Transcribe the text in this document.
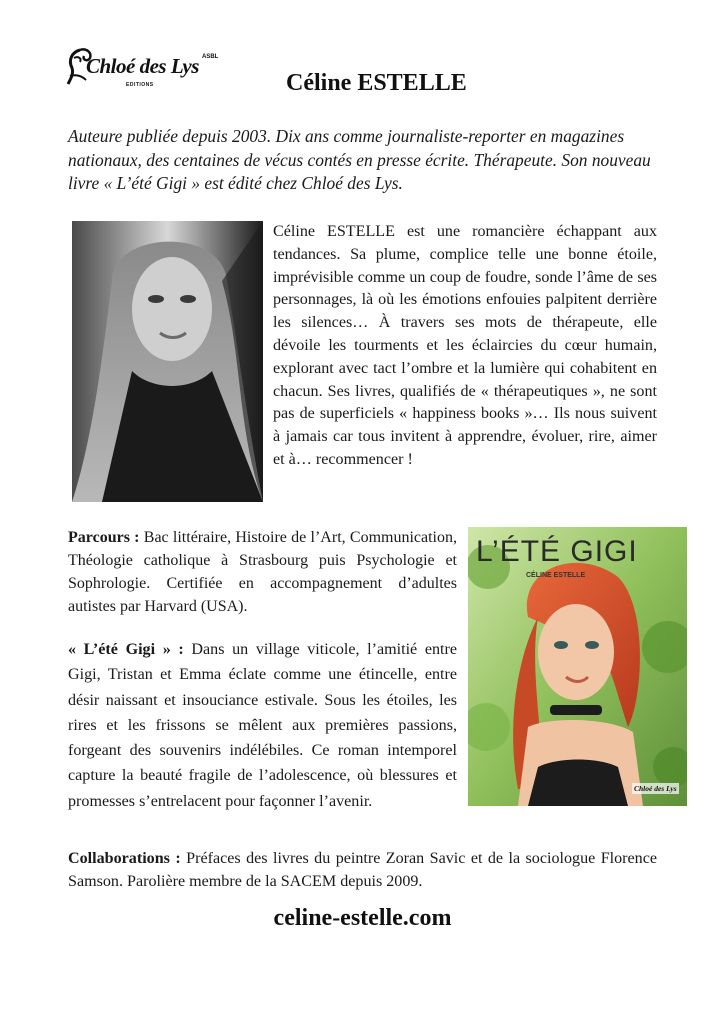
Chloé des Lys ASBL
EDITIONS	Céline ESTELLE
Auteure publiée depuis 2003. Dix ans comme journaliste-reporter en magazines nationaux, des centaines de vécus contés en presse écrite. Thérapeute. Son nouveau livre « L’été Gigi » est édité chez Chloé des Lys.
Céline ESTELLE est une romancière échappant aux tendances. Sa plume, complice telle une bonne étoile, imprévisible comme un coup de foudre, sonde l’âme de ses personnages, là où les émotions enfouies palpitent derrière les silences… À travers ses mots de thérapeute, elle dévoile les tourments et les éclaircies du cœur humain, explorant avec tact l’ombre et la lumière qui cohabitent en chacun. Ses livres, qualifiés de « thérapeutiques », ne sont pas de superficiels « happiness books »… Ils nous suivent à jamais car tous invitent à apprendre, évoluer, rire, aimer et à… recommencer !

Parcours : Bac littéraire, Histoire de l’Art, Communication, Théologie catholique à Strasbourg puis Psychologie et Sophrologie. Certifiée en accompagnement d’adultes autistes par Harvard (USA).

« L’été Gigi » : Dans un village viticole, l’amitié entre Gigi, Tristan et Emma éclate comme une étincelle, entre désir naissant et insouciance estivale. Sous les étoiles, les rires et les frissons se mêlent aux premières passions, forgeant des souvenirs indélébiles. Ce roman intemporel capture la beauté fragile de l’adolescence, où blessures et promesses s’entrelacent pour façonner l’avenir.
L’ÉTÉ GIGI
CÉLINE ESTELLE
Chloé des Lys
Collaborations : Préfaces des livres du peintre Zoran Savic et de la sociologue Florence Samson. Parolière membre de la SACEM depuis 2009.
celine-estelle.com
